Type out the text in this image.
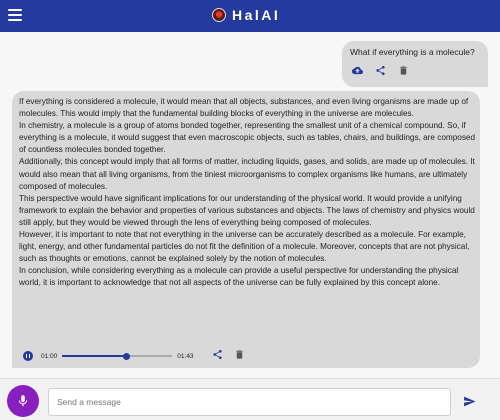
HalAI
What if everything is a molecule?

If everything is considered a molecule, it would mean that all objects, substances, and even living organisms are made up of molecules. This would imply that the fundamental building blocks of everything in the universe are molecules.

In chemistry, a molecule is a group of atoms bonded together, representing the smallest unit of a chemical compound. So, if everything is a molecule, it would suggest that even macroscopic objects, such as tables, chairs, and buildings, are composed of countless molecules bonded together.

Additionally, this concept would imply that all forms of matter, including liquids, gases, and solids, are made up of molecules. It would also mean that all living organisms, from the tiniest microorganisms to complex organisms like humans, are ultimately composed of molecules.

This perspective would have significant implications for our understanding of the physical world. It would provide a unifying framework to explain the behavior and properties of various substances and objects. The laws of chemistry and physics would still apply, but they would be viewed through the lens of everything being composed of molecules.

However, it is important to note that not everything in the universe can be accurately described as a molecule. For example, light, energy, and other fundamental particles do not fit the definition of a molecule. Moreover, concepts that are not physical, such as thoughts or emotions, cannot be explained solely by the notion of molecules.

In conclusion, while considering everything as a molecule can provide a useful perspective for understanding the physical world, it is important to acknowledge that not all aspects of the universe can be fully explained by this concept alone.

01:00	01:43
Send a message
